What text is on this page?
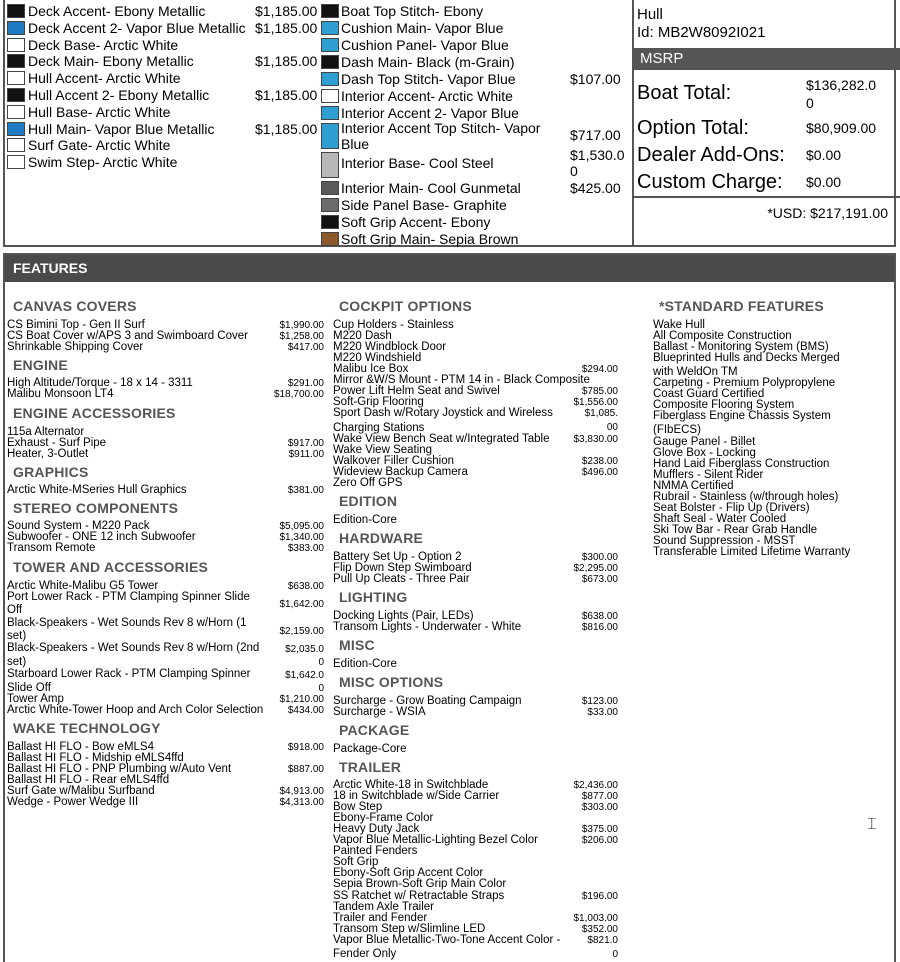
Deck Accent- Ebony Metallic	$1,185.00
Deck Accent 2- Vapor Blue Metallic $1,185.00
Deck Base- Arctic White
Deck Main- Ebony Metallic	$1,185.00
Hull Accent- Arctic White
Hull Accent 2- Ebony Metallic	$1,185.00
Hull Base- Arctic White
Hull Main- Vapor Blue Metallic	$1,185.00
Surf Gate- Arctic White
Swim Step- Arctic White
Boat Top Stitch- Ebony
Cushion Main- Vapor Blue
Cushion Panel- Vapor Blue
Dash Main- Black (m-Grain)
Dash Top Stitch- Vapor Blue	$107.00
Interior Accent- Arctic White
Interior Accent 2- Vapor Blue
Interior Accent Top Stitch- Vapor
Blue
$717.00
Interior Base- Cool Steel	$1,530.0
0
Interior Main- Cool Gunmetal	$425.00
Side Panel Base- Graphite
Soft Grip Accent- Ebony
Soft Grip Main- Sepia Brown
Hull
Id: MB2W8092I021
MSRP
Boat Total:	$136,282.0
0
Option Total:	$80,909.00
Dealer Add-Ons: $0.00
Custom Charge: $0.00
*USD: $217,191.00
FEATURES
CANVAS COVERS
CS Bimini Top - Gen II Surf	$1,990.00
CS Boat Cover w/APS 3 and Swimboard Cover	$1,258.00
Shrinkable Shipping Cover	$417.00
ENGINE
High Altitude/Torque - 18 x 14 - 3311	$291.00
Malibu Monsoon LT4	$18,700.00
ENGINE ACCESSORIES
115a Alternator
Exhaust - Surf Pipe	$917.00
Heater, 3-Outlet	$911.00
GRAPHICS
Arctic White-MSeries Hull Graphics	$381.00
STEREO COMPONENTS
Sound System - M220 Pack	$5,095.00
Subwoofer - ONE 12 inch Subwoofer	$1,340.00
Transom Remote	$383.00
TOWER AND ACCESSORIES
Arctic White-Malibu G5 Tower	$638.00
Port Lower Rack - PTM Clamping Spinner Slide
Off	$1,642.00
Black-Speakers - Wet Sounds Rev 8 w/Horn (1
set)	$2,159.00
Black-Speakers - Wet Sounds Rev 8 w/Horn (2nd	$2,035.0
set)	0
Starboard Lower Rack - PTM Clamping Spinner	$1,642.0
Slide Off	0
Tower Amp	$1,210.00
Arctic White-Tower Hoop and Arch Color Selection $434.00
WAKE TECHNOLOGY
Ballast HI FLO - Bow eMLS4	$918.00
Ballast HI FLO - Midship eMLS4ffd
Ballast HI FLO - PNP Plumbing w/Auto Vent	$887.00
Ballast HI FLO - Rear eMLS4ffd
Surf Gate w/Malibu Surfband	$4,913.00
Wedge - Power Wedge III	$4,313.00
COCKPIT OPTIONS
Cup Holders - Stainless
M220 Dash
M220 Windblock Door
M220 Windshield
Malibu Ice Box	$294.00
Mirror &W/S Mount - PTM 14 in - Black Composite
Power Lift Helm Seat and Swivel	$785.00
Soft-Grip Flooring	$1,556.00
Sport Dash w/Rotary Joystick and Wireless	$1,085.
Charging Stations	00
Wake View Bench Seat w/Integrated Table $3,830.00
Wake View Seating
Walkover Filler Cushion	$238.00
Wideview Backup Camera	$496.00
Zero Off GPS
EDITION
Edition-Core
HARDWARE
Battery Set Up - Option 2	$300.00
Flip Down Step Swimboard	$2,295.00
Pull Up Cleats - Three Pair	$673.00
LIGHTING
Docking Lights (Pair, LEDs)	$638.00
Transom Lights - Underwater - White	$816.00
MISC
Edition-Core
MISC OPTIONS
Surcharge - Grow Boating Campaign	$123.00
Surcharge - WSIA	$33.00
PACKAGE
Package-Core
TRAILER
Arctic White-18 in Switchblade	$2,436.00
18 in Switchblade w/Side Carrier	$877.00
Bow Step	$303.00
Ebony-Frame Color
Heavy Duty Jack	$375.00
Vapor Blue Metallic-Lighting Bezel Color	$206.00
Painted Fenders
Soft Grip
Ebony-Soft Grip Accent Color
Sepia Brown-Soft Grip Main Color
SS Ratchet w/ Retractable Straps	$196.00
Tandem Axle Trailer
Trailer and Fender	$1,003.00
Transom Step w/Slimline LED	$352.00
Vapor Blue Metallic-Two-Tone Accent Color -	$821.0
Fender Only	0
*STANDARD FEATURES
Wake Hull
All Composite Construction
Ballast - Monitoring System (BMS)
Blueprinted Hulls and Decks Merged
with WeldOn TM
Carpeting - Premium Polypropylene
Coast Guard Certified
Composite Flooring System
Fiberglass Engine Chassis System
(FIbECS)
Gauge Panel - Billet
Glove Box - Locking
Hand Laid Fiberglass Construction
Mufflers - Silent Rider
NMMA Certified
Rubrail - Stainless (w/through holes)
Seat Bolster - Flip Up (Drivers)
Shaft Seal - Water Cooled
Ski Tow Bar - Rear Grab Handle
Sound Suppression - MSST
Transferable Limited Lifetime Warranty
⌶
